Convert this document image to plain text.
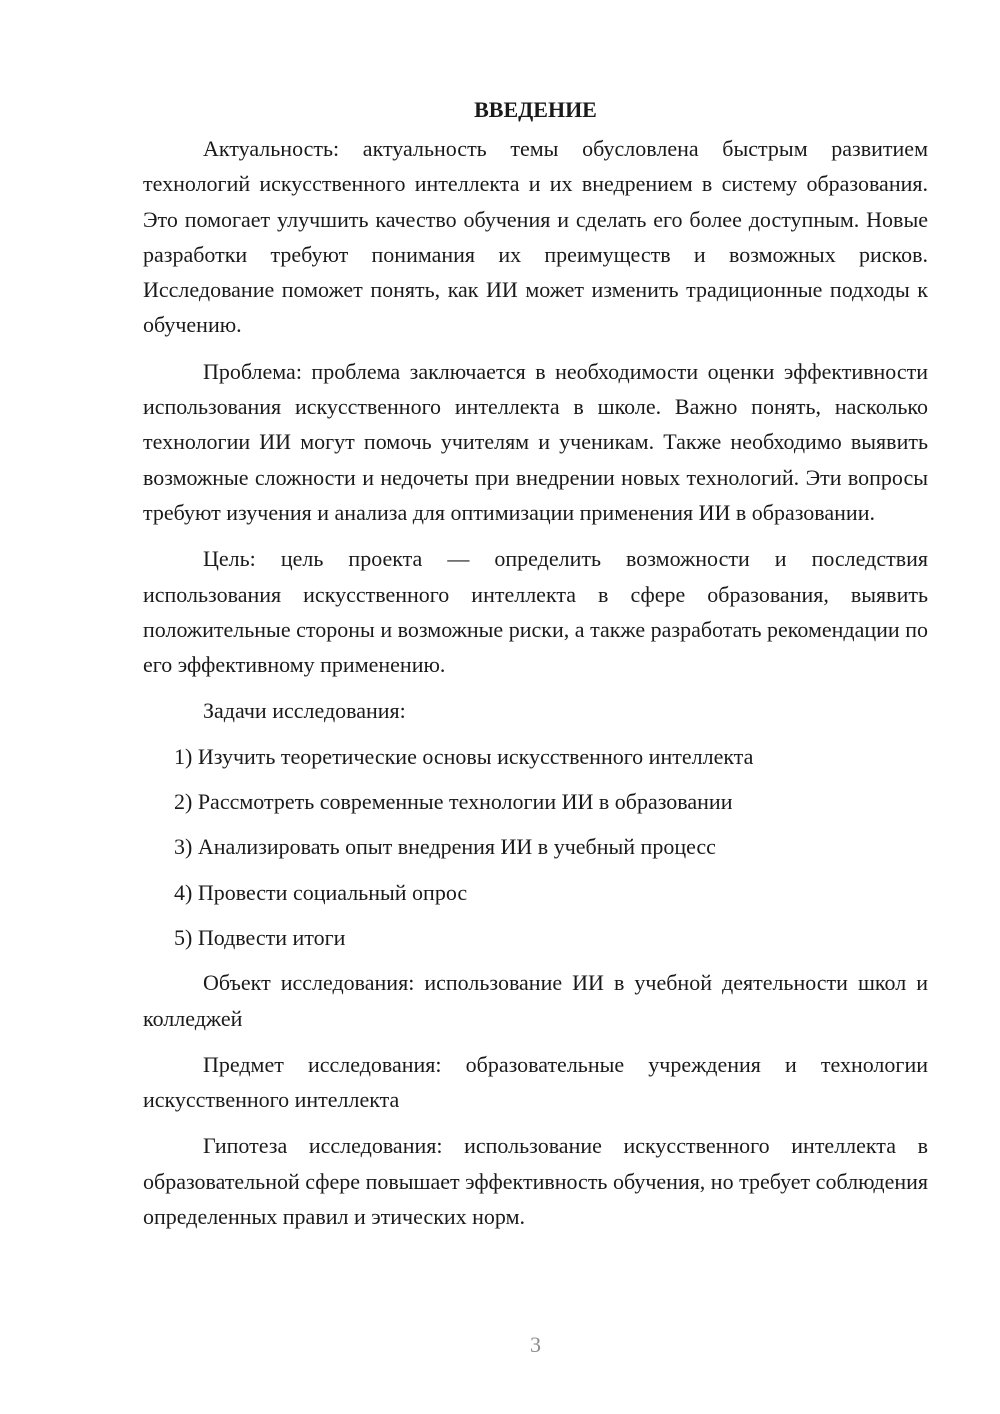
ВВЕДЕНИЕ

Актуальность: актуальность темы обусловлена быстрым развитием технологий искусственного интеллекта и их внедрением в систему образования. Это помогает улучшить качество обучения и сделать его более доступным. Новые разработки требуют понимания их преимуществ и возможных рисков. Исследование поможет понять, как ИИ может изменить традиционные подходы к обучению.

Проблема: проблема заключается в необходимости оценки эффективности использования искусственного интеллекта в школе. Важно понять, насколько технологии ИИ могут помочь учителям и ученикам. Также необходимо выявить возможные сложности и недочеты при внедрении новых технологий. Эти вопросы требуют изучения и анализа для оптимизации применения ИИ в образовании.

Цель: цель проекта — определить возможности и последствия использования искусственного интеллекта в сфере образования, выявить положительные стороны и возможные риски, а также разработать рекомендации по его эффективному применению.

Задачи исследования:

1) Изучить теоретические основы искусственного интеллекта
2) Рассмотреть современные технологии ИИ в образовании
3) Анализировать опыт внедрения ИИ в учебный процесс
4) Провести социальный опрос
5) Подвести итоги

Объект исследования: использование ИИ в учебной деятельности школ и колледжей

Предмет исследования: образовательные учреждения и технологии искусственного интеллекта

Гипотеза исследования: использование искусственного интеллекта в образовательной сфере повышает эффективность обучения, но требует соблюдения определенных правил и этических норм.

3
